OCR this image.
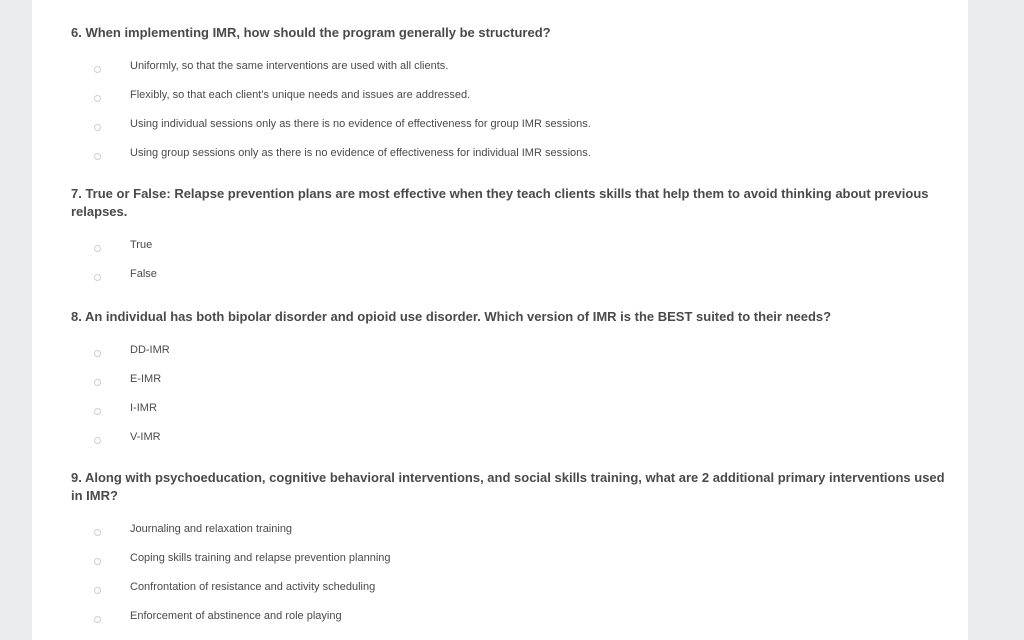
6. When implementing IMR, how should the program generally be structured?

Uniformly, so that the same interventions are used with all clients.
Flexibly, so that each client’s unique needs and issues are addressed.
Using individual sessions only as there is no evidence of effectiveness for group IMR sessions.
Using group sessions only as there is no evidence of effectiveness for individual IMR sessions.

7. True or False: Relapse prevention plans are most effective when they teach clients skills that help them to avoid thinking about previous relapses.

True
False

8. An individual has both bipolar disorder and opioid use disorder. Which version of IMR is the BEST suited to their needs?

DD-IMR
E-IMR
I-IMR
V-IMR

9. Along with psychoeducation, cognitive behavioral interventions, and social skills training, what are 2 additional primary interventions used in IMR?

Journaling and relaxation training
Coping skills training and relapse prevention planning
Confrontation of resistance and activity scheduling
Enforcement of abstinence and role playing
